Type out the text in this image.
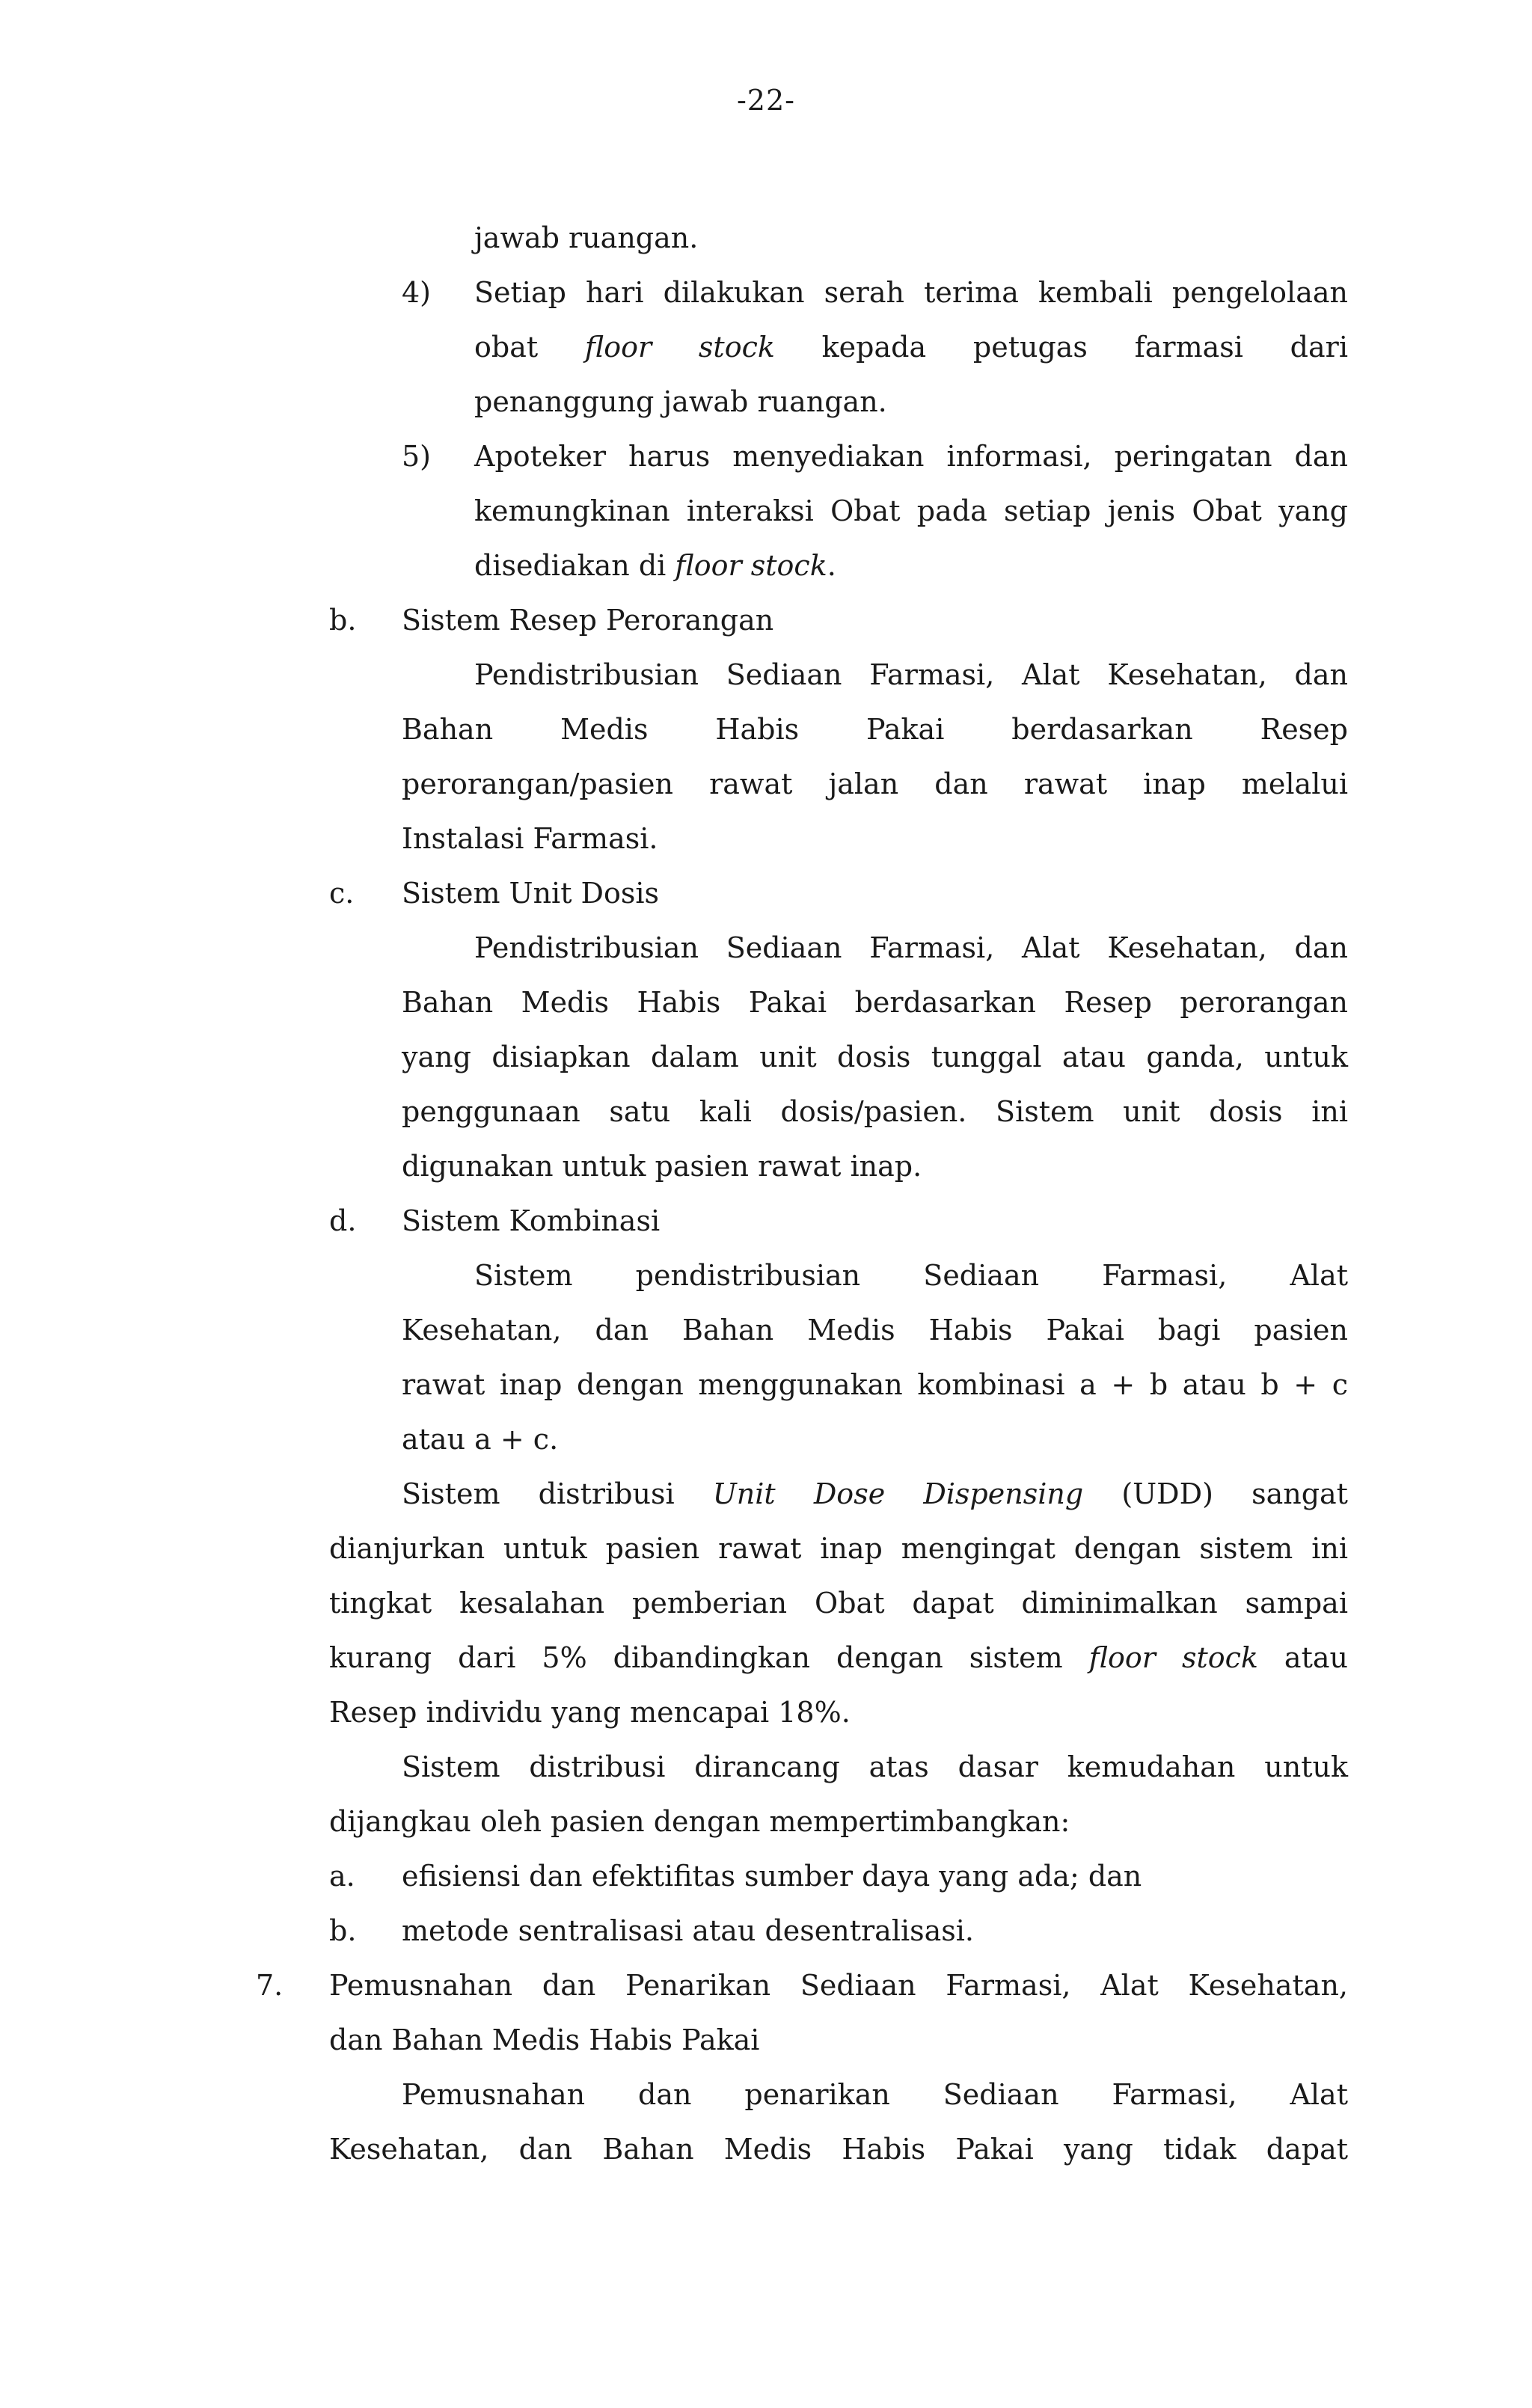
-22-
jawab ruangan.
4) Setiap hari dilakukan serah terima kembali pengelolaan
obat floor stock kepada petugas farmasi dari
penanggung jawab ruangan.
5) Apoteker harus menyediakan informasi, peringatan dan
kemungkinan interaksi Obat pada setiap jenis Obat yang
disediakan di floor stock.
b. Sistem Resep Perorangan
Pendistribusian Sediaan Farmasi, Alat Kesehatan, dan
Bahan Medis Habis Pakai berdasarkan Resep
perorangan/pasien rawat jalan dan rawat inap melalui
Instalasi Farmasi.
c. Sistem Unit Dosis
Pendistribusian Sediaan Farmasi, Alat Kesehatan, dan
Bahan Medis Habis Pakai berdasarkan Resep perorangan
yang disiapkan dalam unit dosis tunggal atau ganda, untuk
penggunaan satu kali dosis/pasien. Sistem unit dosis ini
digunakan untuk pasien rawat inap.
d. Sistem Kombinasi
Sistem pendistribusian Sediaan Farmasi, Alat
Kesehatan, dan Bahan Medis Habis Pakai bagi pasien
rawat inap dengan menggunakan kombinasi a + b atau b + c
atau a + c.
Sistem distribusi Unit Dose Dispensing (UDD) sangat
dianjurkan untuk pasien rawat inap mengingat dengan sistem ini
tingkat kesalahan pemberian Obat dapat diminimalkan sampai
kurang dari 5% dibandingkan dengan sistem floor stock atau
Resep individu yang mencapai 18%.
Sistem distribusi dirancang atas dasar kemudahan untuk
dijangkau oleh pasien dengan mempertimbangkan:
a. efisiensi dan efektifitas sumber daya yang ada; dan
b. metode sentralisasi atau desentralisasi.
7. Pemusnahan dan Penarikan Sediaan Farmasi, Alat Kesehatan,
dan Bahan Medis Habis Pakai
Pemusnahan dan penarikan Sediaan Farmasi, Alat
Kesehatan, dan Bahan Medis Habis Pakai yang tidak dapat
